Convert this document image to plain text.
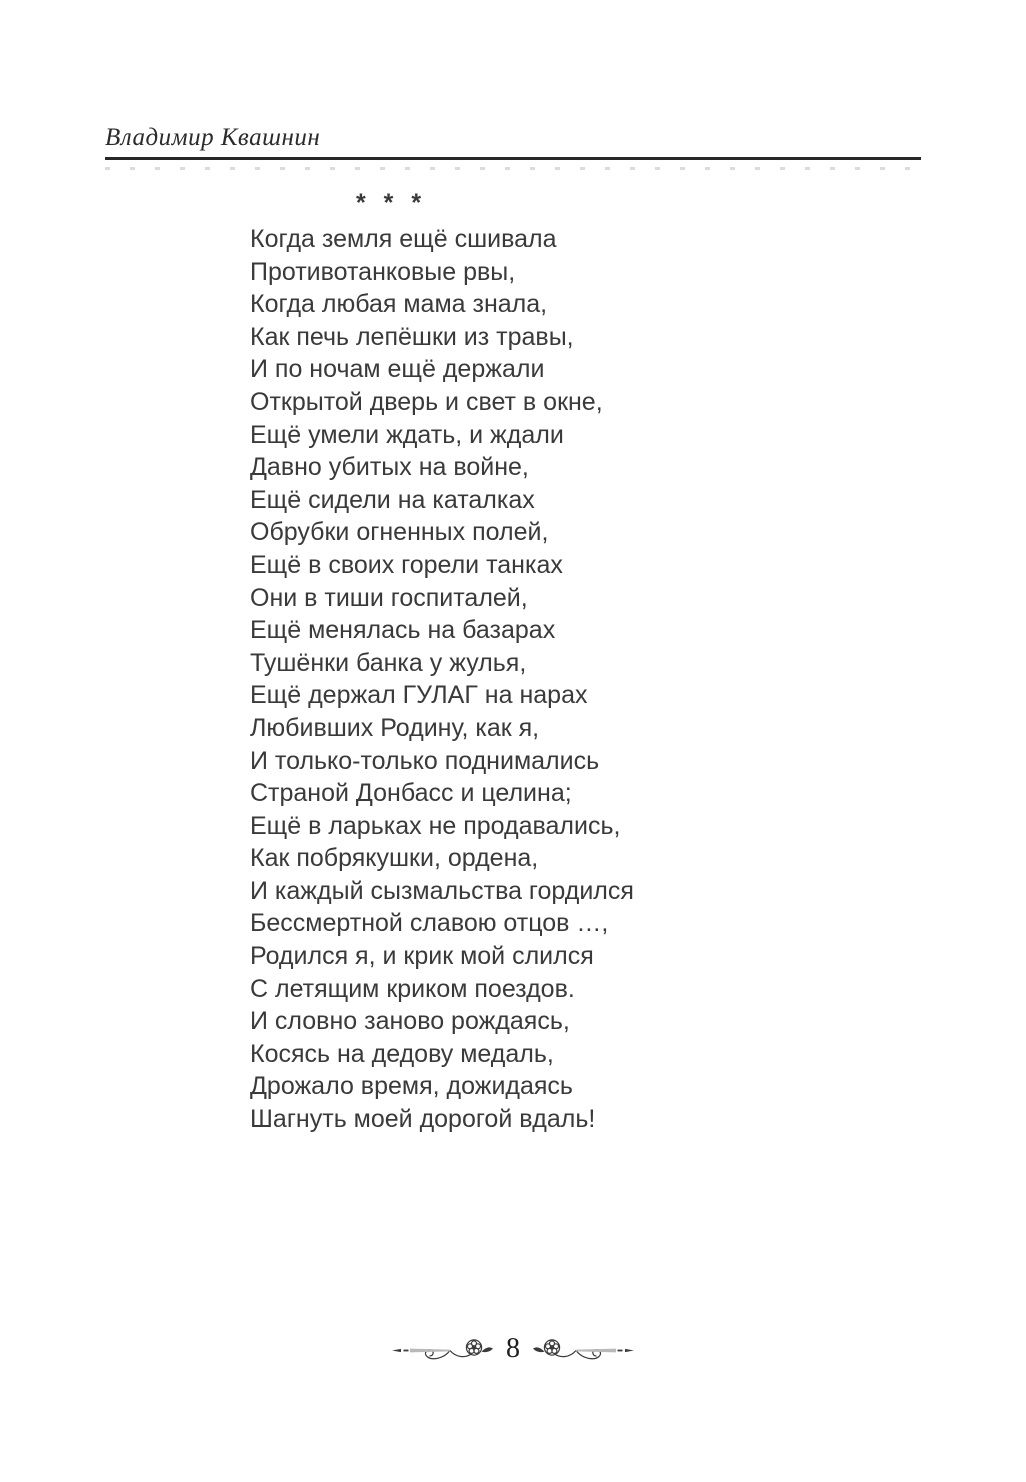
Владимир Квашнин
* * *
Когда земля ещё сшивала
Противотанковые рвы,
Когда любая мама знала,
Как печь лепёшки из травы,
И по ночам ещё держали
Открытой дверь и свет в окне,
Ещё умели ждать, и ждали
Давно убитых на войне,
Ещё сидели на каталках
Обрубки огненных полей,
Ещё в своих горели танках
Они в тиши госпиталей,
Ещё менялась на базарах
Тушёнки банка у жулья,
Ещё держал ГУЛАГ на нарах
Любивших Родину, как я,
И только-только поднимались
Страной Донбасс и целина;
Ещё в ларьках не продавались,
Как побрякушки, ордена,
И каждый сызмальства гордился
Бессмертной славою отцов …,
Родился я, и крик мой слился
С летящим криком поездов.
И словно заново рождаясь,
Косясь на дедову медаль,
Дрожало время, дожидаясь
Шагнуть моей дорогой вдаль!
8
